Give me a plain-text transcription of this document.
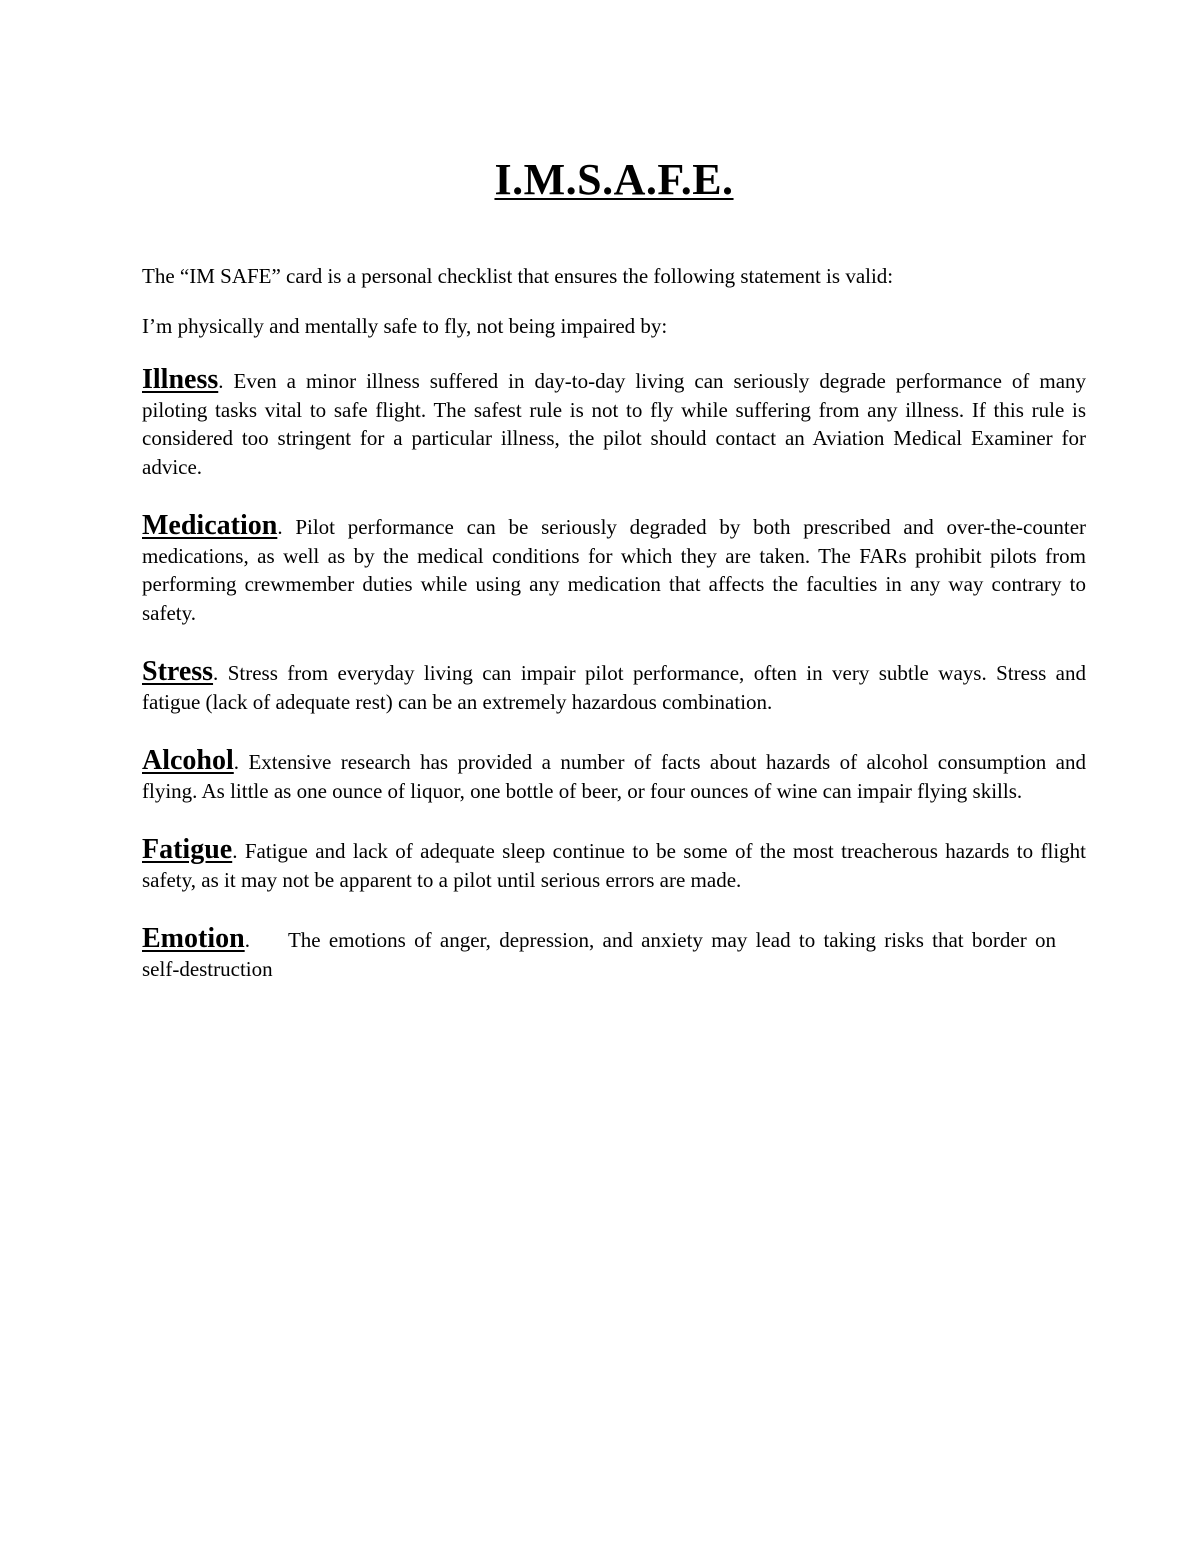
I.M.S.A.F.E.

The “IM SAFE” card is a personal checklist that ensures the following statement is valid:

I’m physically and mentally safe to fly, not being impaired by:

Illness. Even a minor illness suffered in day-to-day living can seriously degrade performance of many piloting tasks vital to safe flight. The safest rule is not to fly while suffering from any illness. If this rule is considered too stringent for a particular illness, the pilot should contact an Aviation Medical Examiner for advice.

Medication. Pilot performance can be seriously degraded by both prescribed and over-the-counter medications, as well as by the medical conditions for which they are taken. The FARs prohibit pilots from performing crewmember duties while using any medication that affects the faculties in any way contrary to safety.

Stress. Stress from everyday living can impair pilot performance, often in very subtle ways. Stress and fatigue (lack of adequate rest) can be an extremely hazardous combination.

Alcohol. Extensive research has provided a number of facts about hazards of alcohol consumption and flying. As little as one ounce of liquor, one bottle of beer, or four ounces of wine can impair flying skills.

Fatigue. Fatigue and lack of adequate sleep continue to be some of the most treacherous hazards to flight safety, as it may not be apparent to a pilot until serious errors are made.

Emotion. The emotions of anger, depression, and anxiety may lead to taking risks that border on self-destruction
